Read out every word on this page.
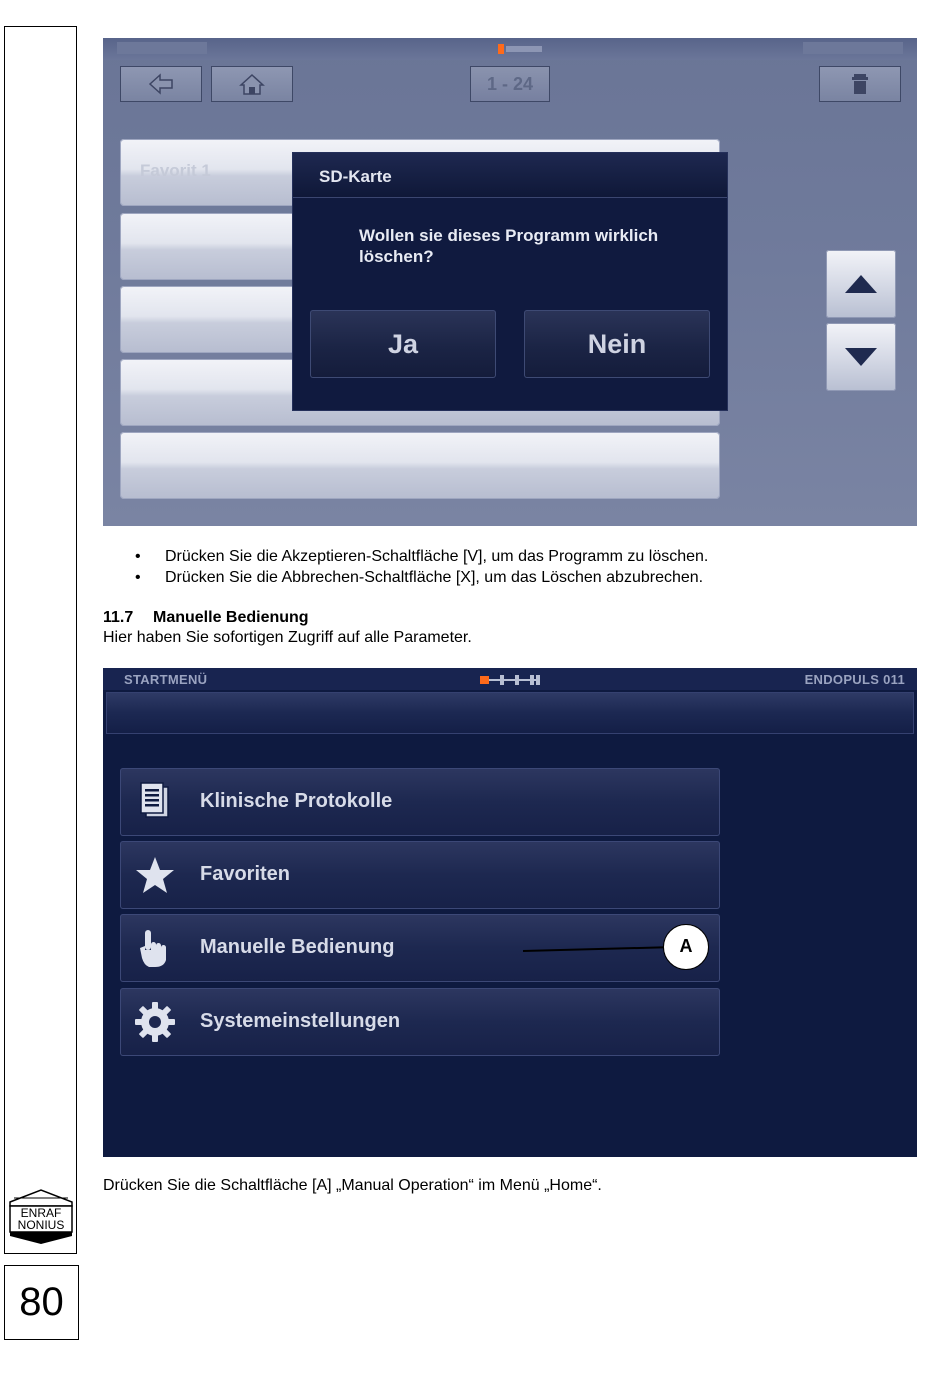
ENRAF
NONIUS
80
1 - 24
Favorit 1	SD-Karte
Wollen sie dieses Programm wirklich löschen?
Ja	Nein
• Drücken Sie die Akzeptieren-Schaltfläche [V], um das Programm zu löschen.
• Drücken Sie die Abbrechen-Schaltfläche [X], um das Löschen abzubrechen.
11.7 Manuelle Bedienung
Hier haben Sie sofortigen Zugriff auf alle Parameter.
STARTMENÜ	ENDOPULS 011
Klinische Protokolle
Favoriten
Manuelle Bedienung
Systemeinstellungen
A
Drücken Sie die Schaltfläche [A] „Manual Operation“ im Menü „Home“.
